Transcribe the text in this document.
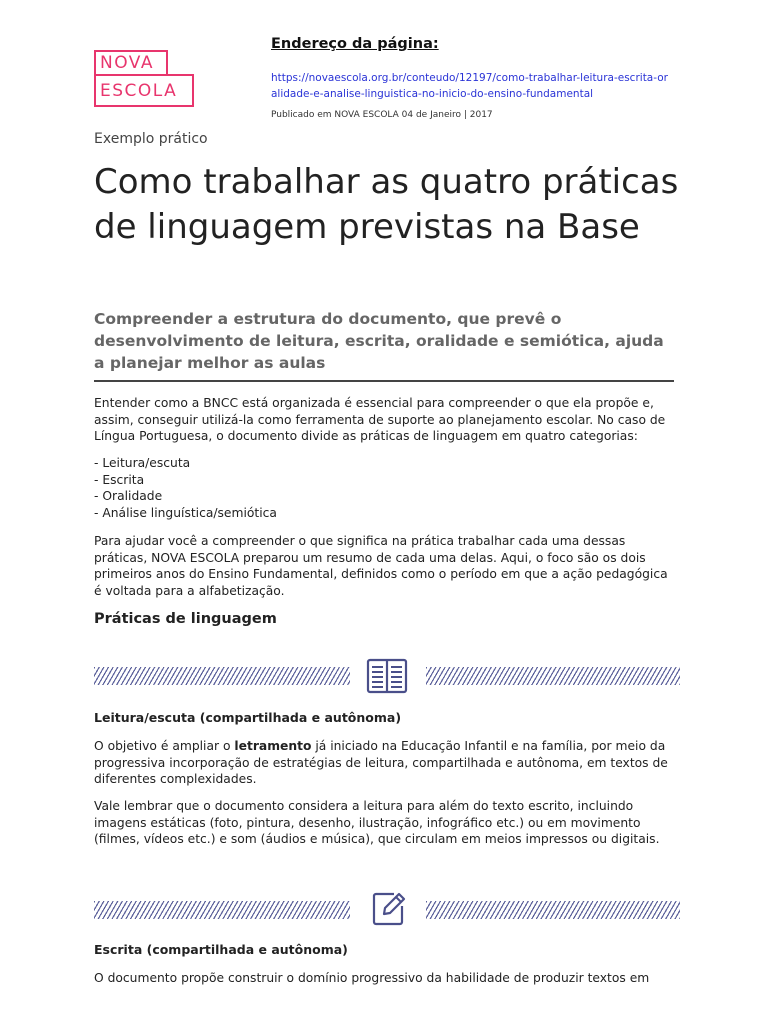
NOVA
ESCOLA
Endereço da página:
https://novaescola.org.br/conteudo/12197/como-trabalhar-leitura-escrita-oralidade-e-analise-linguistica-no-inicio-do-ensino-fundamental
Publicado em NOVA ESCOLA 04 de Janeiro | 2017
Exemplo prático
Como trabalhar as quatro práticas de linguagem previstas na Base
Compreender a estrutura do documento, que prevê o desenvolvimento de leitura, escrita, oralidade e semiótica, ajuda a planejar melhor as aulas
Entender como a BNCC está organizada é essencial para compreender o que ela propõe e, assim, conseguir utilizá-la como ferramenta de suporte ao planejamento escolar. No caso de Língua Portuguesa, o documento divide as práticas de linguagem em quatro categorias:
- Leitura/escuta
- Escrita
- Oralidade
- Análise linguística/semiótica
Para ajudar você a compreender o que significa na prática trabalhar cada uma dessas práticas, NOVA ESCOLA preparou um resumo de cada uma delas. Aqui, o foco são os dois primeiros anos do Ensino Fundamental, definidos como o período em que a ação pedagógica é voltada para a alfabetização.
Práticas de linguagem
Leitura/escuta (compartilhada e autônoma)
O objetivo é ampliar o letramento já iniciado na Educação Infantil e na família, por meio da progressiva incorporação de estratégias de leitura, compartilhada e autônoma, em textos de diferentes complexidades.
Vale lembrar que o documento considera a leitura para além do texto escrito, incluindo imagens estáticas (foto, pintura, desenho, ilustração, infográfico etc.) ou em movimento (filmes, vídeos etc.) e som (áudios e música), que circulam em meios impressos ou digitais.
Escrita (compartilhada e autônoma)
O documento propõe construir o domínio progressivo da habilidade de produzir textos em
